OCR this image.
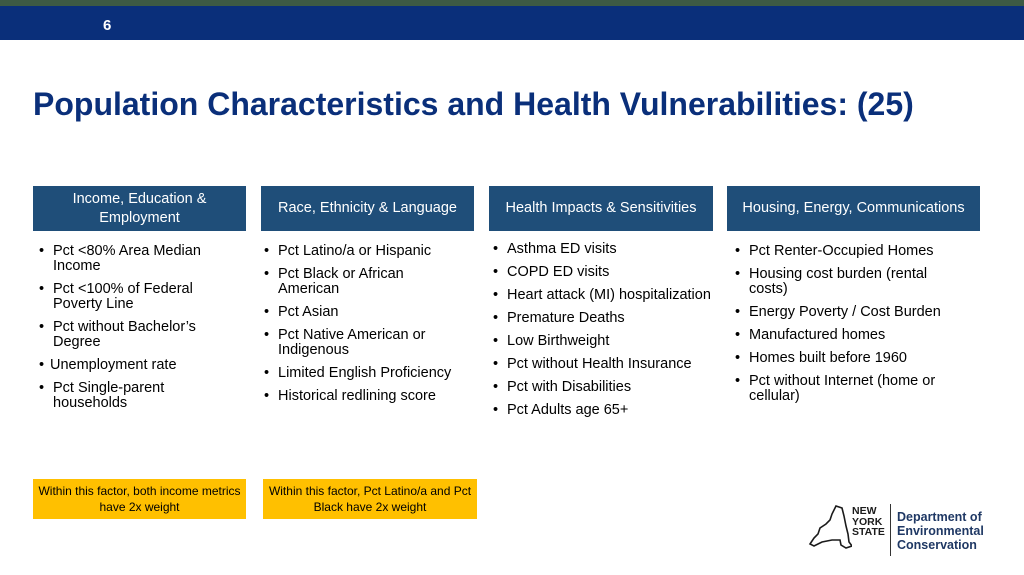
6
Population Characteristics and Health Vulnerabilities: (25)
Income, Education & Employment
Race, Ethnicity & Language	Health Impacts & Sensitivities	Housing, Energy, Communications
• Pct <80% Area Median Income
• Pct <100% of Federal Poverty Line
• Pct without Bachelor’s Degree
• Unemployment rate
• Pct Single-parent households
• Pct Latino/a or Hispanic
• Pct Black or African American
• Pct Asian
• Pct Native American or Indigenous
• Limited English Proficiency
• Historical redlining score
• Asthma ED visits
• COPD ED visits
• Heart attack (MI) hospitalization
• Premature Deaths
• Low Birthweight
• Pct without Health Insurance
• Pct with Disabilities
• Pct Adults age 65+
• Pct Renter-Occupied Homes
• Housing cost burden (rental costs)
• Energy Poverty / Cost Burden
• Manufactured homes
• Homes built before 1960
• Pct without Internet (home or cellular)
Within this factor, both income metrics have 2x weight
Within this factor, Pct Latino/a and Pct Black have 2x weight	NEW
YORK
STATE
Department of
Environmental
Conservation
